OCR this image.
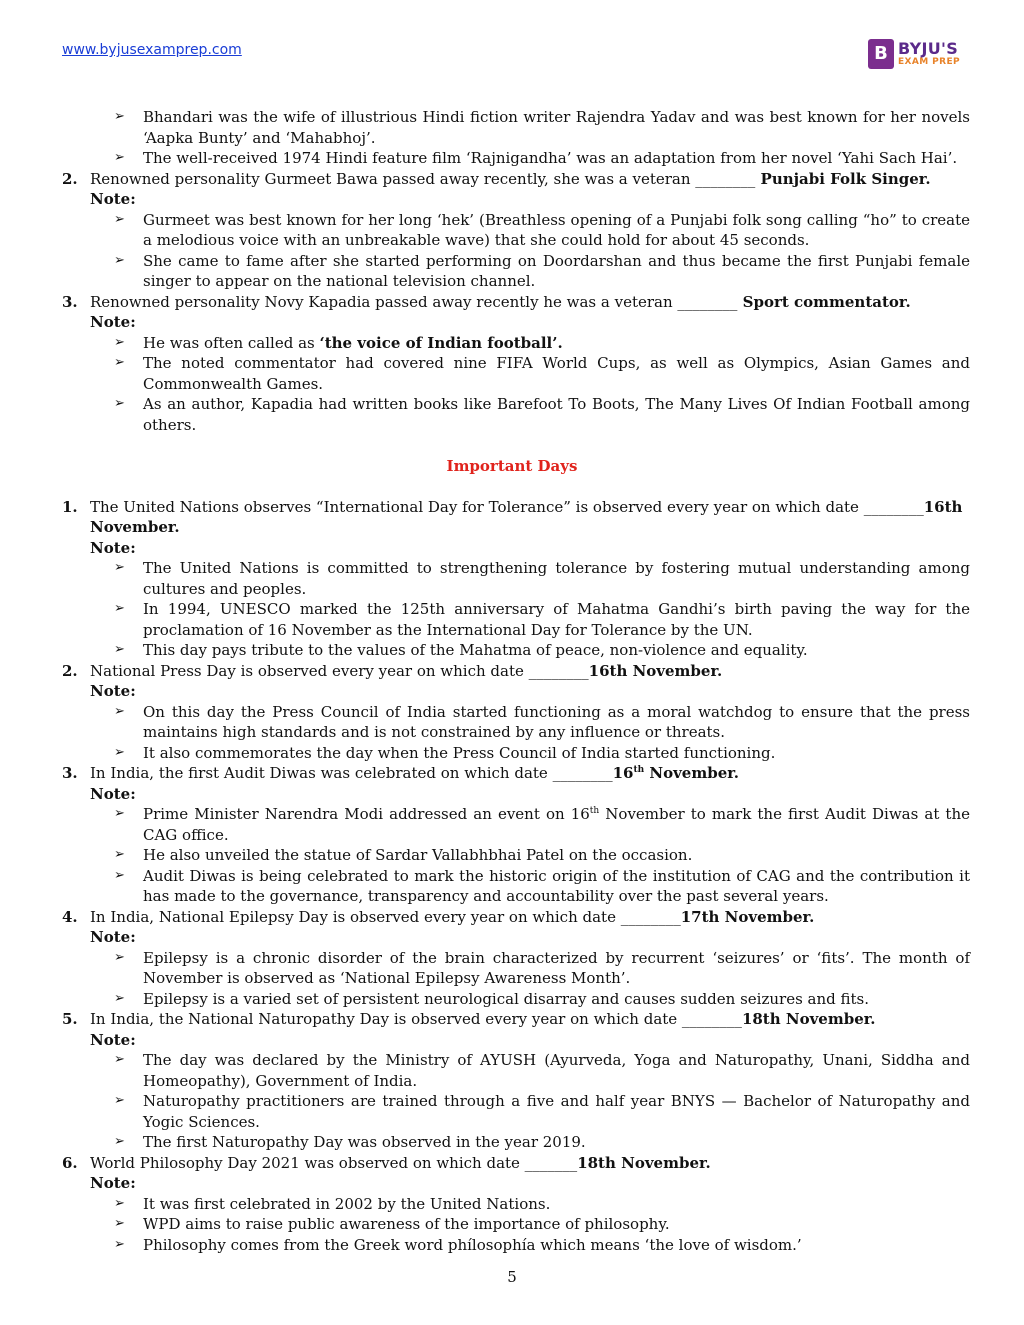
www.byjusexamprep.com	B BYJU'S
EXAM PREP
➢ Bhandari was the wife of illustrious Hindi fiction writer Rajendra Yadav and was best known for her novels ‘Aapka Bunty’ and ‘Mahabhoj’.
➢ The well-received 1974 Hindi feature film ‘Rajnigandha’ was an adaptation from her novel ‘Yahi Sach Hai’.
2. Renowned personality Gurmeet Bawa passed away recently, she was a veteran ________ Punjabi Folk Singer.
Note:
➢ Gurmeet was best known for her long ‘hek’ (Breathless opening of a Punjabi folk song calling “ho” to create a melodious voice with an unbreakable wave) that she could hold for about 45 seconds.
➢ She came to fame after she started performing on Doordarshan and thus became the first Punjabi female singer to appear on the national television channel.
3. Renowned personality Novy Kapadia passed away recently he was a veteran ________ Sport commentator.
Note:
➢ He was often called as ‘the voice of Indian football’.
➢ The noted commentator had covered nine FIFA World Cups, as well as Olympics, Asian Games and Commonwealth Games.
➢ As an author, Kapadia had written books like Barefoot To Boots, The Many Lives Of Indian Football among others.
Important Days
1. The United Nations observes “International Day for Tolerance” is observed every year on which date ________16th November.
Note:
➢ The United Nations is committed to strengthening tolerance by fostering mutual understanding among cultures and peoples.
➢ In 1994, UNESCO marked the 125th anniversary of Mahatma Gandhi’s birth paving the way for the proclamation of 16 November as the International Day for Tolerance by the UN.
➢ This day pays tribute to the values of the Mahatma of peace, non-violence and equality.
2. National Press Day is observed every year on which date ________16th November.
Note:
➢ On this day the Press Council of India started functioning as a moral watchdog to ensure that the press maintains high standards and is not constrained by any influence or threats.
➢ It also commemorates the day when the Press Council of India started functioning.
3. In India, the first Audit Diwas was celebrated on which date ________16th November.
Note:
➢ Prime Minister Narendra Modi addressed an event on 16th November to mark the first Audit Diwas at the CAG office.
➢ He also unveiled the statue of Sardar Vallabhbhai Patel on the occasion.
➢ Audit Diwas is being celebrated to mark the historic origin of the institution of CAG and the contribution it has made to the governance, transparency and accountability over the past several years.
4. In India, National Epilepsy Day is observed every year on which date ________17th November.
Note:
➢ Epilepsy is a chronic disorder of the brain characterized by recurrent ‘seizures’ or ‘fits’. The month of November is observed as ‘National Epilepsy Awareness Month’.
➢ Epilepsy is a varied set of persistent neurological disarray and causes sudden seizures and fits.
5. In India, the National Naturopathy Day is observed every year on which date ________18th November.
Note:
➢ The day was declared by the Ministry of AYUSH (Ayurveda, Yoga and Naturopathy, Unani, Siddha and Homeopathy), Government of India.
➢ Naturopathy practitioners are trained through a five and half year BNYS — Bachelor of Naturopathy and Yogic Sciences.
➢ The first Naturopathy Day was observed in the year 2019.
6. World Philosophy Day 2021 was observed on which date _______18th November.
Note:
➢ It was first celebrated in 2002 by the United Nations.
➢ WPD aims to raise public awareness of the importance of philosophy.
➢ Philosophy comes from the Greek word phílosophía which means ‘the love of wisdom.’
5
